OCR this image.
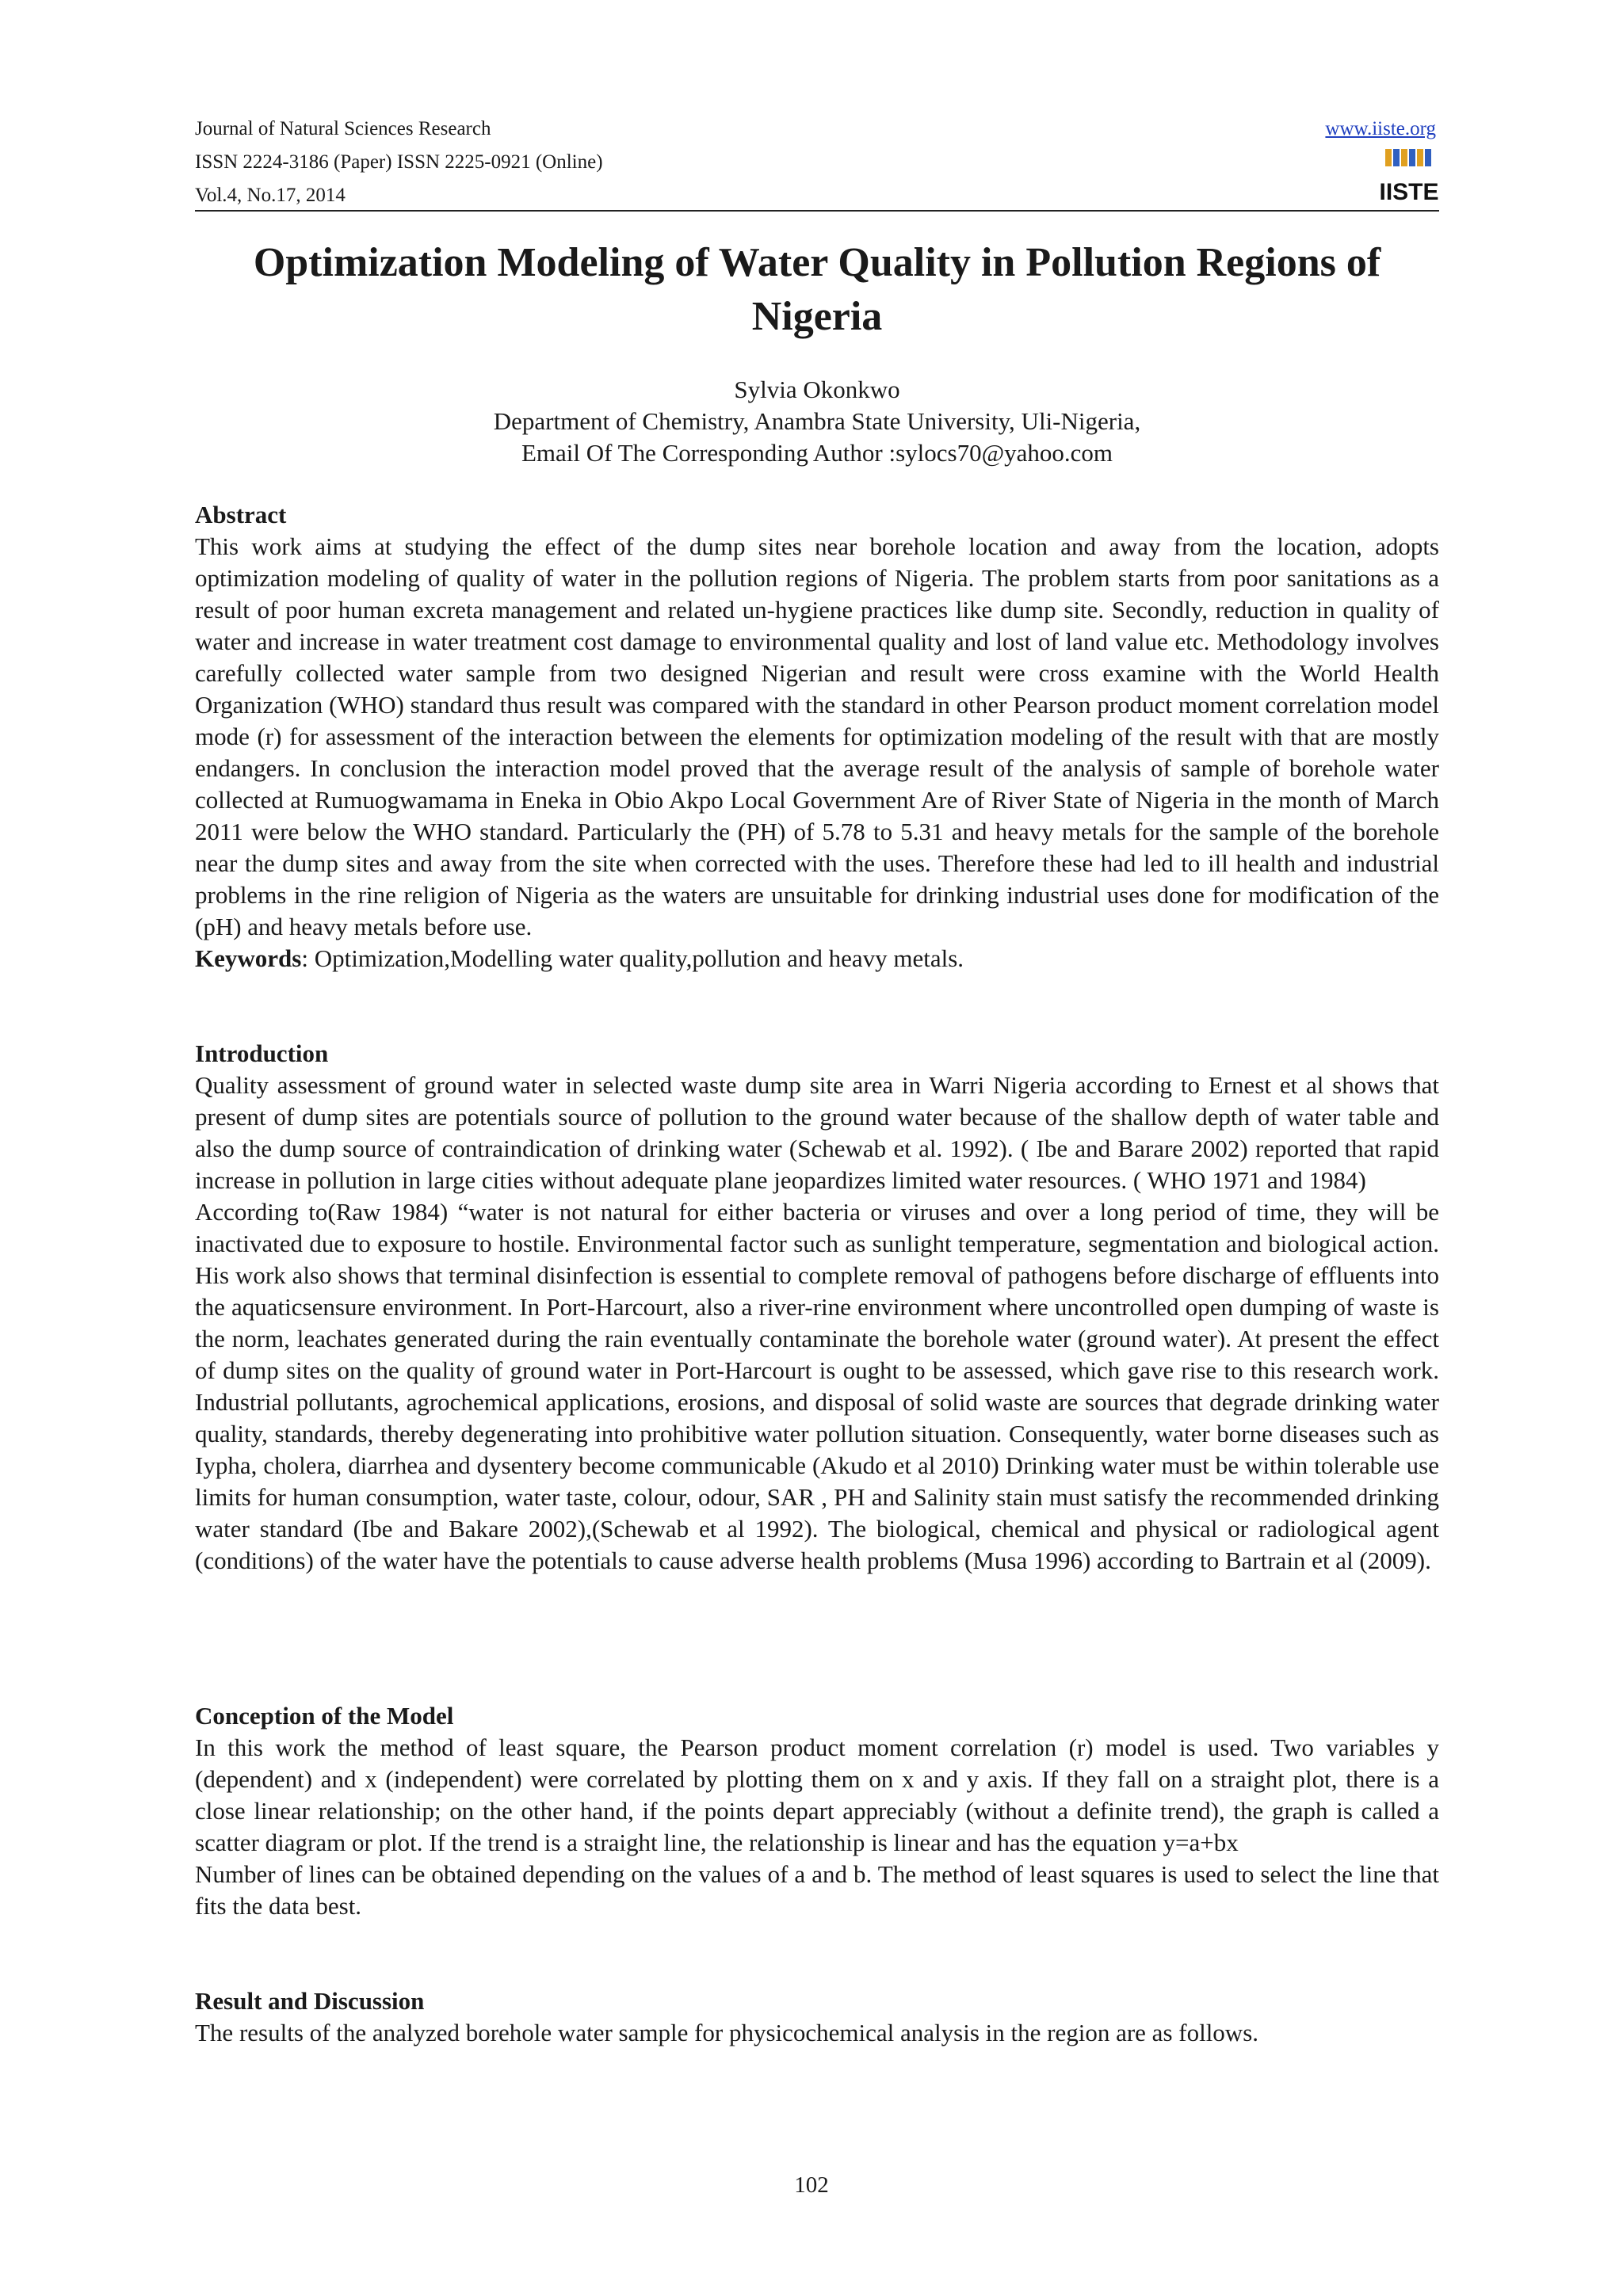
Journal of Natural Sciences Research
ISSN 2224-3186 (Paper) ISSN 2225-0921 (Online)
Vol.4, No.17, 2014
www.iiste.org
IISTE
Optimization Modeling of Water Quality in Pollution Regions of Nigeria
Sylvia Okonkwo
Department of Chemistry, Anambra State University, Uli-Nigeria,
Email Of The Corresponding Author :sylocs70@yahoo.com
Abstract

This work aims at studying the effect of the dump sites near borehole location and away from the location, adopts optimization modeling of quality of water in the pollution regions of Nigeria. The problem starts from poor sanitations as a result of poor human excreta management and related un-hygiene practices like dump site. Secondly, reduction in quality of water and increase in water treatment cost damage to environmental quality and lost of land value etc. Methodology involves carefully collected water sample from two designed Nigerian and result were cross examine with the World Health Organization (WHO) standard thus result was compared with the standard in other Pearson product moment correlation model mode (r) for assessment of the interaction between the elements for optimization modeling of the result with that are mostly endangers. In conclusion the interaction model proved that the average result of the analysis of sample of borehole water collected at Rumuogwamama in Eneka in Obio Akpo Local Government Are of River State of Nigeria in the month of March 2011 were below the WHO standard. Particularly the (PH) of 5.78 to 5.31 and heavy metals for the sample of the borehole near the dump sites and away from the site when corrected with the uses. Therefore these had led to ill health and industrial problems in the rine religion of Nigeria as the waters are unsuitable for drinking industrial uses done for modification of the (pH) and heavy metals before use.

Keywords: Optimization,Modelling water quality,pollution and heavy metals.
Introduction

Quality assessment of ground water in selected waste dump site area in Warri Nigeria according to Ernest et al shows that present of dump sites are potentials source of pollution to the ground water because of the shallow depth of water table and also the dump source of contraindication of drinking water (Schewab et al. 1992). ( Ibe and Barare 2002) reported that rapid increase in pollution in large cities without adequate plane jeopardizes limited water resources. ( WHO 1971 and 1984)

According to(Raw 1984) “water is not natural for either bacteria or viruses and over a long period of time, they will be inactivated due to exposure to hostile. Environmental factor such as sunlight temperature, segmentation and biological action. His work also shows that terminal disinfection is essential to complete removal of pathogens before discharge of effluents into the aquaticsensure environment. In Port-Harcourt, also a river-rine environment where uncontrolled open dumping of waste is the norm, leachates generated during the rain eventually contaminate the borehole water (ground water). At present the effect of dump sites on the quality of ground water in Port-Harcourt is ought to be assessed, which gave rise to this research work. Industrial pollutants, agrochemical applications, erosions, and disposal of solid waste are sources that degrade drinking water quality, standards, thereby degenerating into prohibitive water pollution situation. Consequently, water borne diseases such as Iypha, cholera, diarrhea and dysentery become communicable (Akudo et al 2010) Drinking water must be within tolerable use limits for human consumption, water taste, colour, odour, SAR , PH and Salinity stain must satisfy the recommended drinking water standard (Ibe and Bakare 2002),(Schewab et al 1992). The biological, chemical and physical or radiological agent (conditions) of the water have the potentials to cause adverse health problems (Musa 1996) according to Bartrain et al (2009).

Conception of the Model

In this work the method of least square, the Pearson product moment correlation (r) model is used. Two variables y (dependent) and x (independent) were correlated by plotting them on x and y axis. If they fall on a straight plot, there is a close linear relationship; on the other hand, if the points depart appreciably (without a definite trend), the graph is called a scatter diagram or plot. If the trend is a straight line, the relationship is linear and has the equation y=a+bx

Number of lines can be obtained depending on the values of a and b. The method of least squares is used to select the line that fits the data best.

Result and Discussion

The results of the analyzed borehole water sample for physicochemical analysis in the region are as follows.

102
